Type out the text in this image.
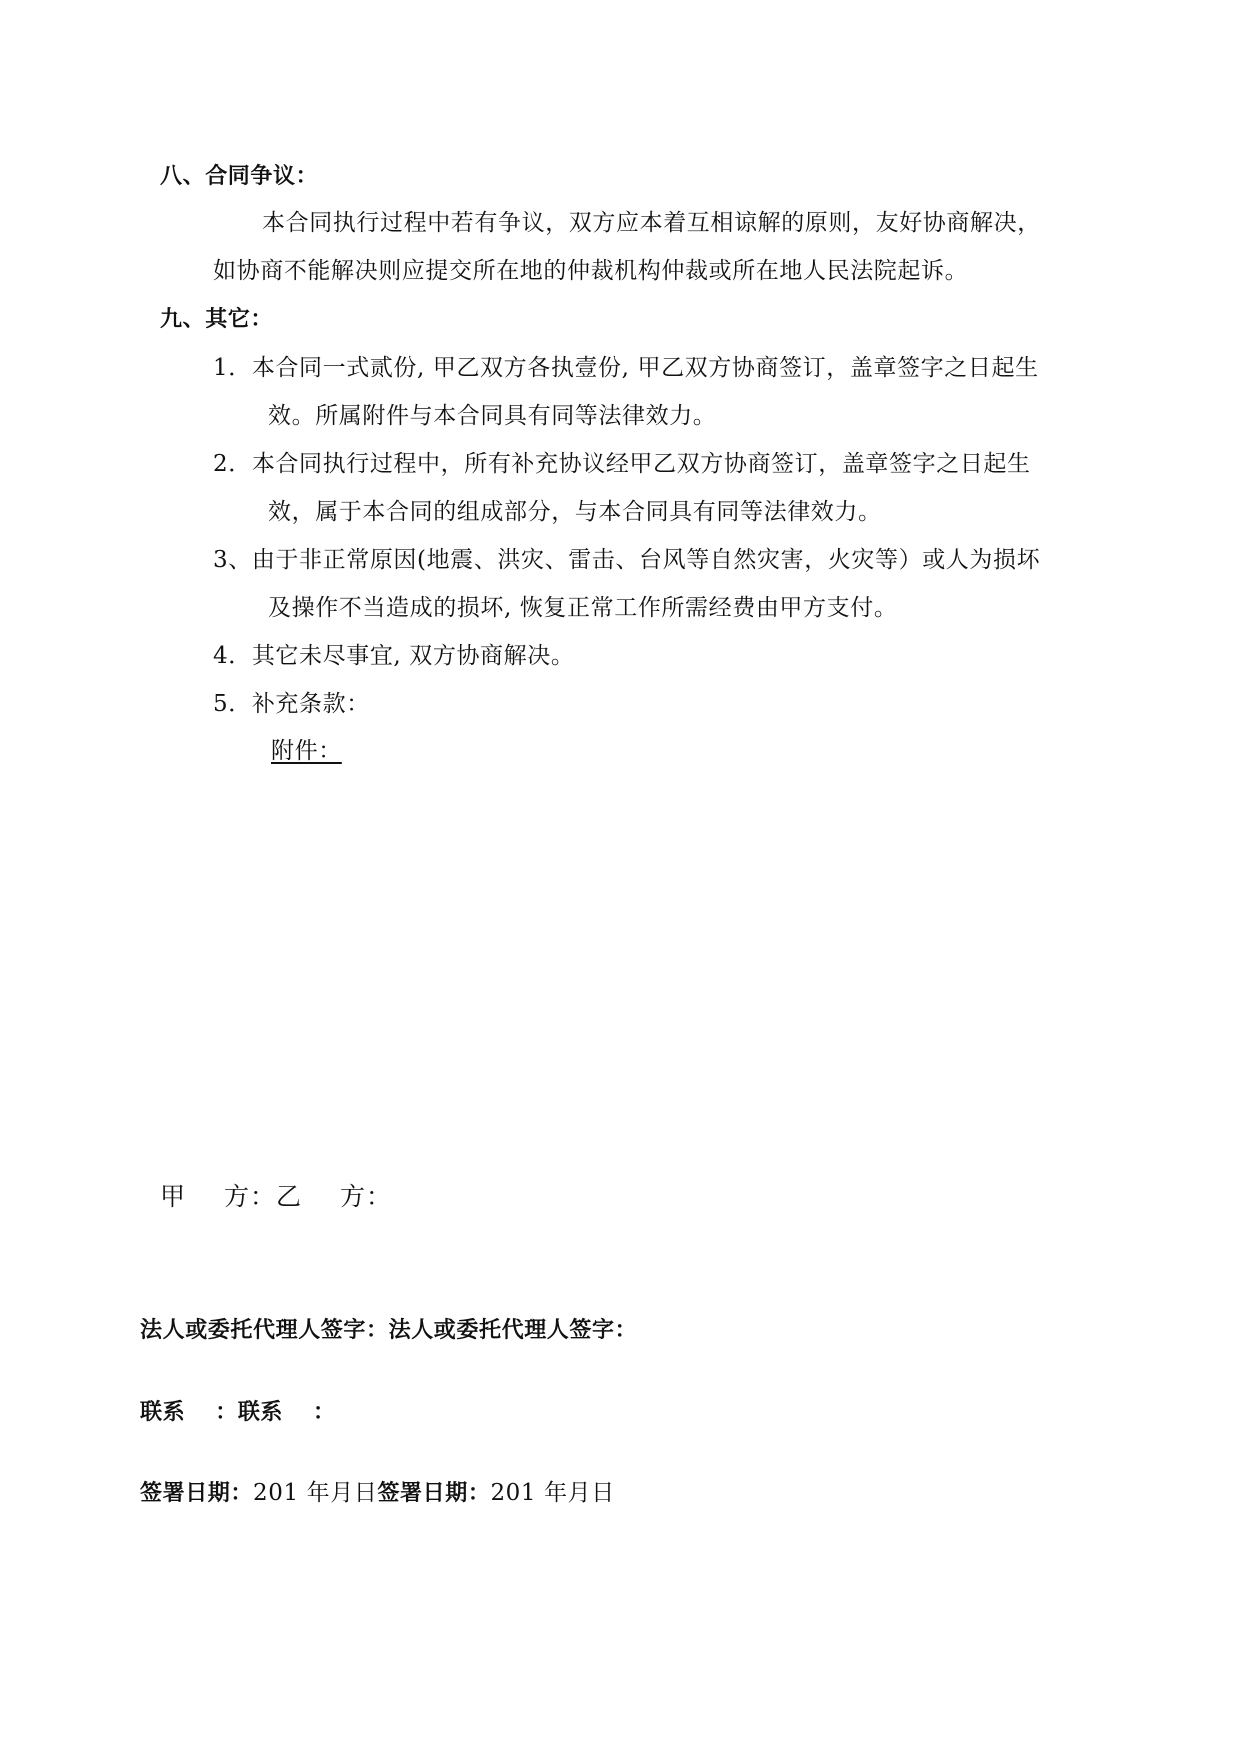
八、合同争议：
本合同执行过程中若有争议，双方应本着互相谅解的原则，友好协商解决，
如协商不能解决则应提交所在地的仲裁机构仲裁或所在地人民法院起诉。
九、其它：
1．本合同一式贰份, 甲乙双方各执壹份, 甲乙双方协商签订，盖章签字之日起生
效。所属附件与本合同具有同等法律效力。
2．本合同执行过程中，所有补充协议经甲乙双方协商签订，盖章签字之日起生
效，属于本合同的组成部分，与本合同具有同等法律效力。
3、由于非正常原因(地震、洪灾、雷击、台风等自然灾害，火灾等）或人为损坏
及操作不当造成的损坏, 恢复正常工作所需经费由甲方支付。
4．其它未尽事宜, 双方协商解决。
5．补充条款：
附件：
甲 方：乙 方：
法人或委托代理人签字：法人或委托代理人签字：
联系 ：联系 ：
签署日期：201 年月日签署日期：201 年月日
